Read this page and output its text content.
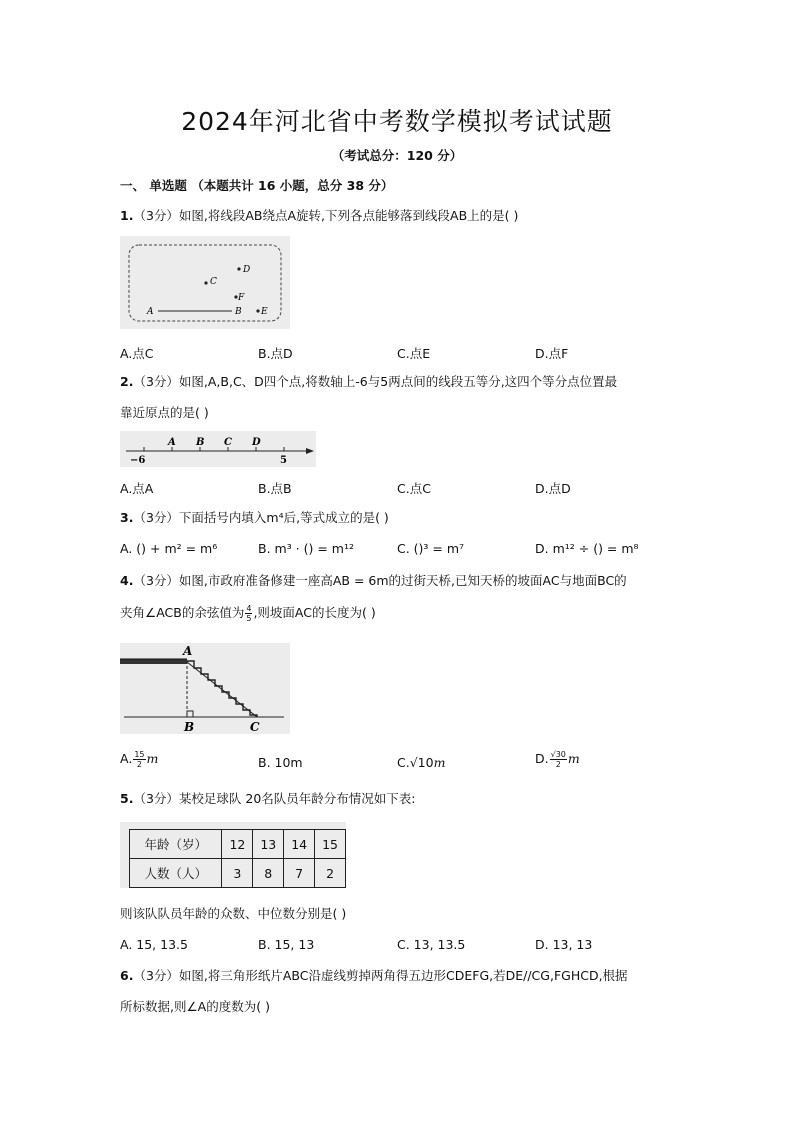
2024年河北省中考数学模拟考试试题
（考试总分：120 分）
一、 单选题 （本题共计 16 小题，总分 38 分）
1.（3分）如图,将线段AB绕点A旋转,下列各点能够落到线段AB上的是( )
A	B
C
D
E
F
A.点C	B.点D	C.点E	D.点F
2.（3分）如图,A,B,C、D四个点,将数轴上-6与5两点间的线段五等分,这四个等分点位置最
靠近原点的是( )
A B C D
−6	5
A.点A	B.点B	C.点C	D.点D
3.（3分）下面括号内填入m⁴后,等式成立的是( )
A. () + m² = m⁶	B. m³ · () = m¹²	C. ()³ = m⁷	D. m¹² ÷ () = m⁸
4.（3分）如图,市政府准备修建一座高AB = 6m的过街天桥,已知天桥的坡面AC与地面BC的
夹角∠ACB的余弦值为 $\frac{4}{5}$ ,则坡面AC的长度为( )
A
B	C
A. $\frac{15}{2}$ m	B. 10m	C.√10m	D. $\frac{√30}{2}$ m
5.（3分）某校足球队 20名队员年龄分布情况如下表:
年龄（岁）	12	13	14	15
人数（人）	3	8	7	2
则该队队员年龄的众数、中位数分别是( )
A. 15, 13.5	B. 15, 13	C. 13, 13.5	D. 13, 13
6.（3分）如图,将三角形纸片ABC沿虚线剪掉两角得五边形CDEFG,若DE//CG,FGHCD,根据
所标数据,则∠A的度数为( )
